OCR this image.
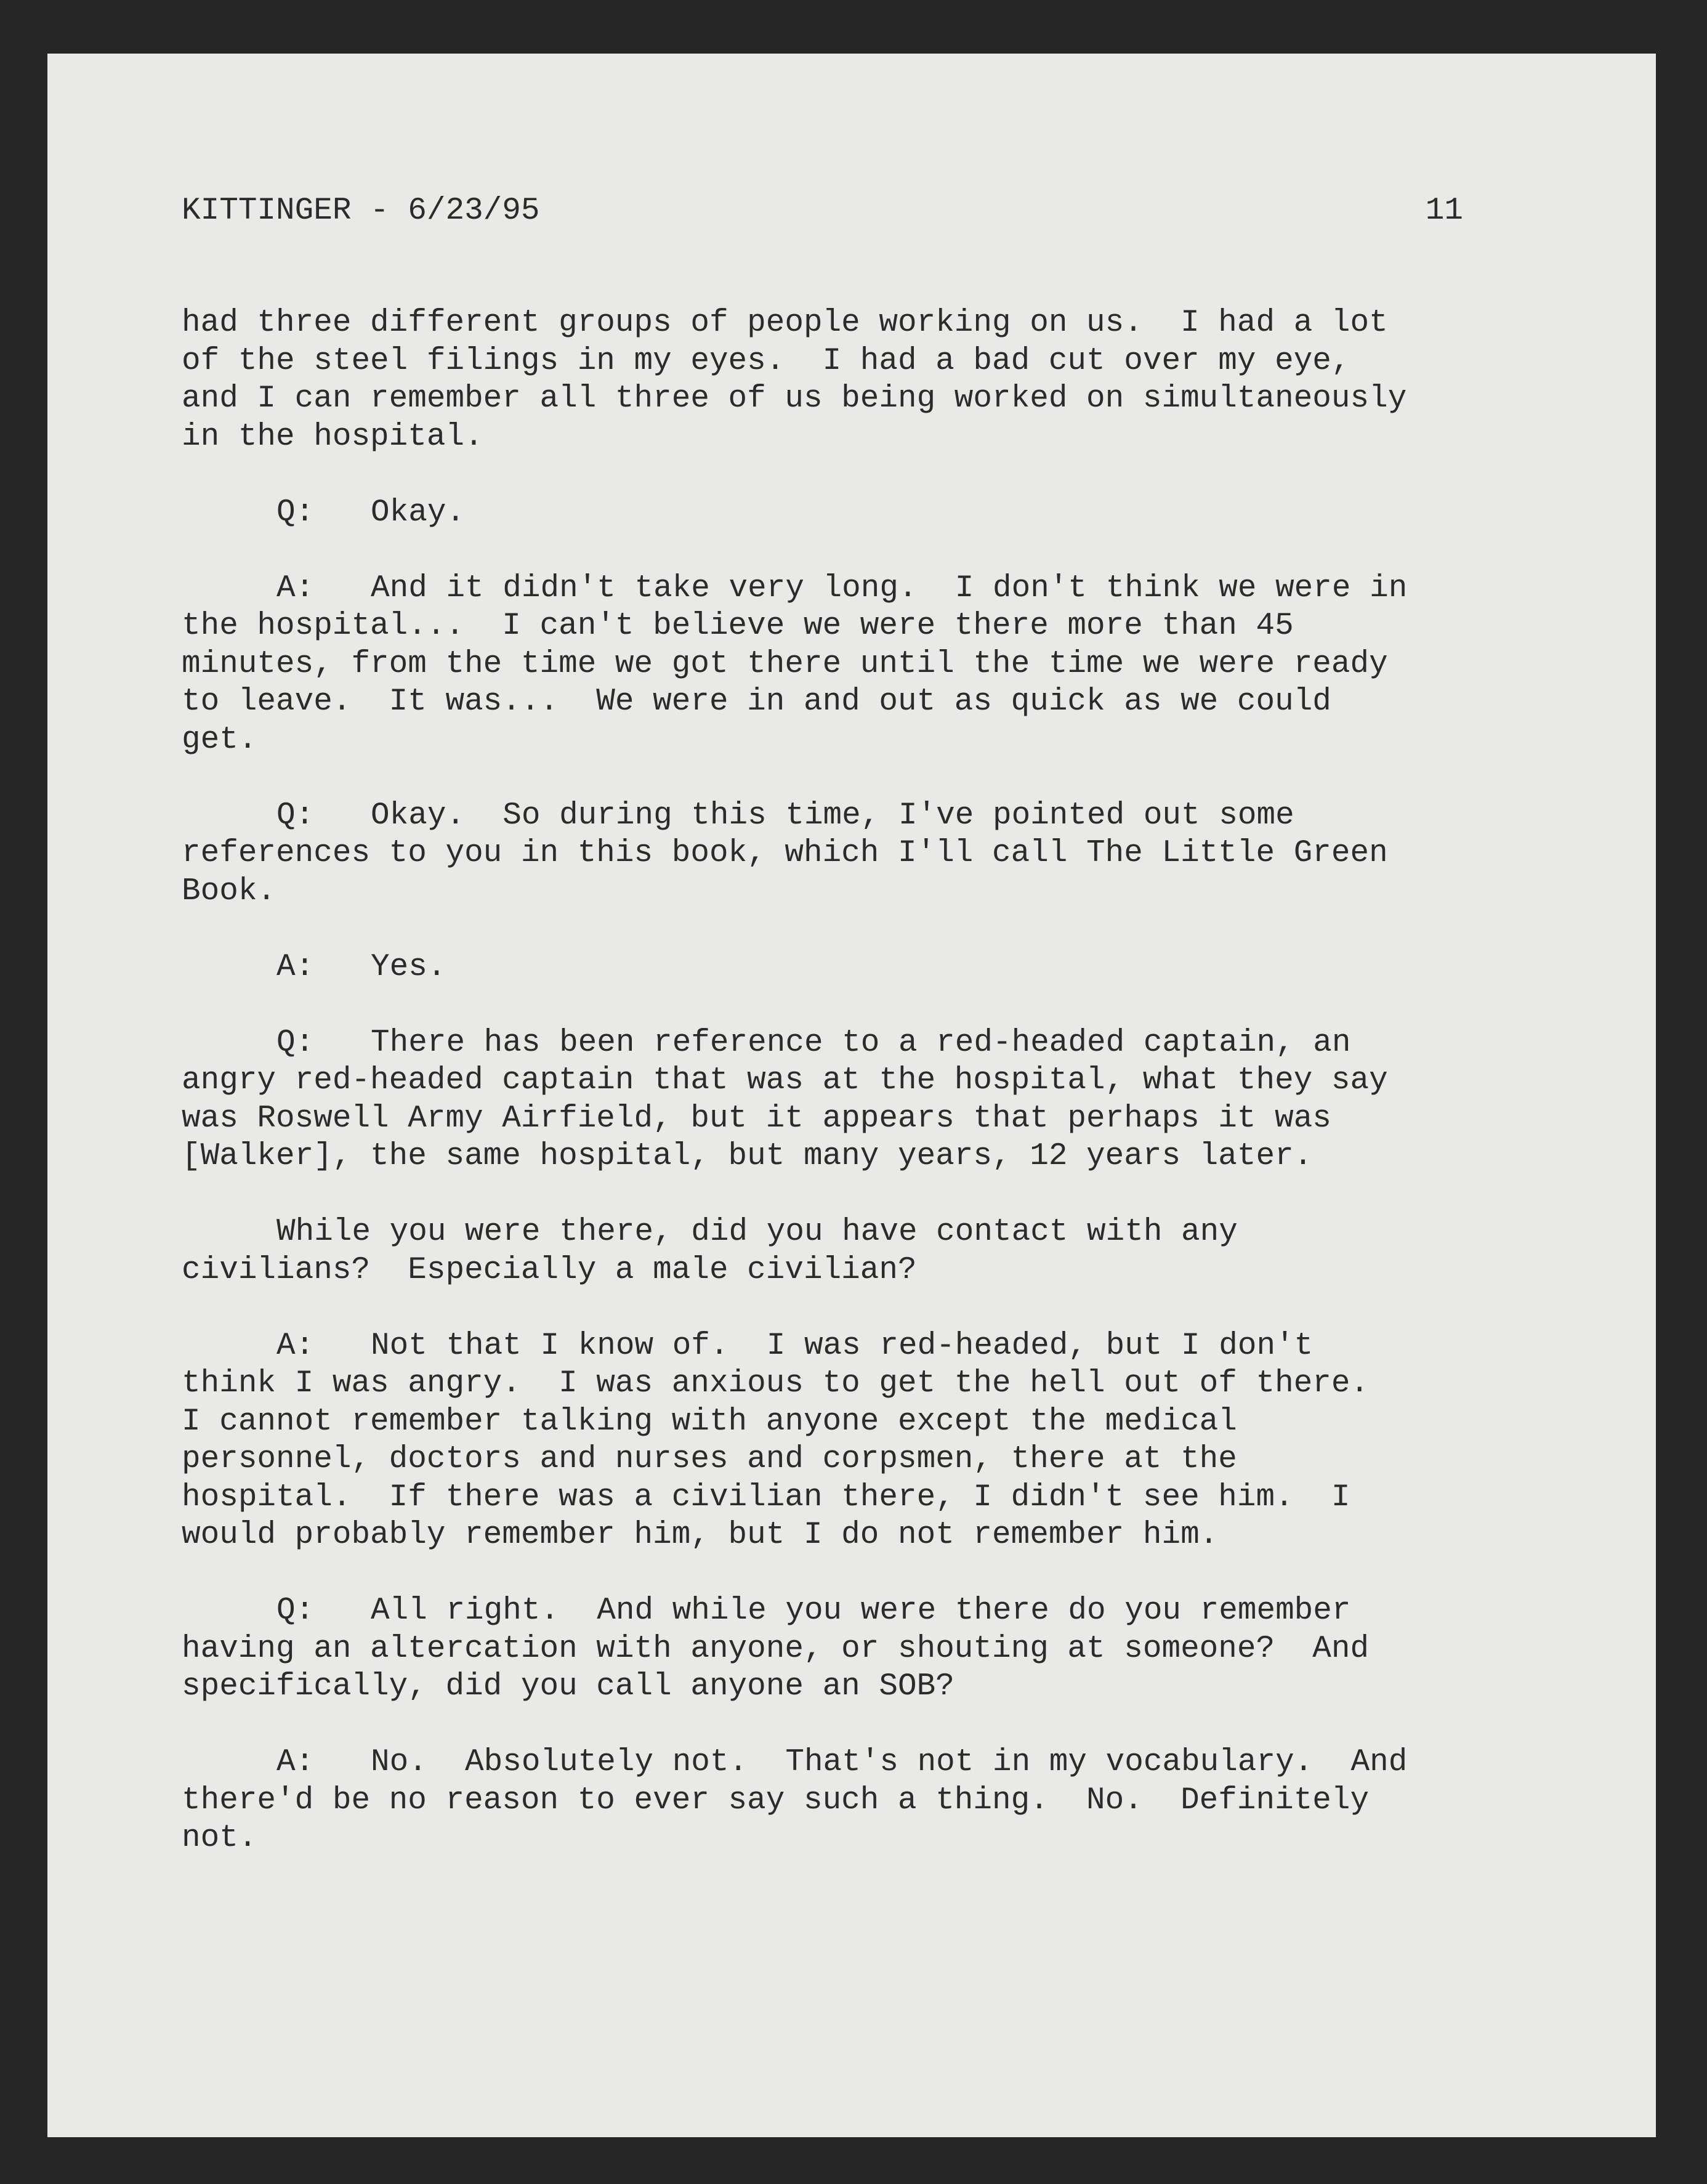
KITTINGER - 6/23/95	11

had three different groups of people working on us.  I had a lot
of the steel filings in my eyes.  I had a bad cut over my eye,
and I can remember all three of us being worked on simultaneously
in the hospital.

Q:   Okay.

A:   And it didn't take very long.  I don't think we were in
the hospital...  I can't believe we were there more than 45
minutes, from the time we got there until the time we were ready
to leave.  It was...  We were in and out as quick as we could
get.

Q:   Okay.  So during this time, I've pointed out some
references to you in this book, which I'll call The Little Green
Book.

A:   Yes.

Q:   There has been reference to a red-headed captain, an
angry red-headed captain that was at the hospital, what they say
was Roswell Army Airfield, but it appears that perhaps it was
[Walker], the same hospital, but many years, 12 years later.

While you were there, did you have contact with any
civilians?  Especially a male civilian?

A:   Not that I know of.  I was red-headed, but I don't
think I was angry.  I was anxious to get the hell out of there.
I cannot remember talking with anyone except the medical
personnel, doctors and nurses and corpsmen, there at the
hospital.  If there was a civilian there, I didn't see him.  I
would probably remember him, but I do not remember him.

Q:   All right.  And while you were there do you remember
having an altercation with anyone, or shouting at someone?  And
specifically, did you call anyone an SOB?

A:   No.  Absolutely not.  That's not in my vocabulary.  And
there'd be no reason to ever say such a thing.  No.  Definitely
not.
